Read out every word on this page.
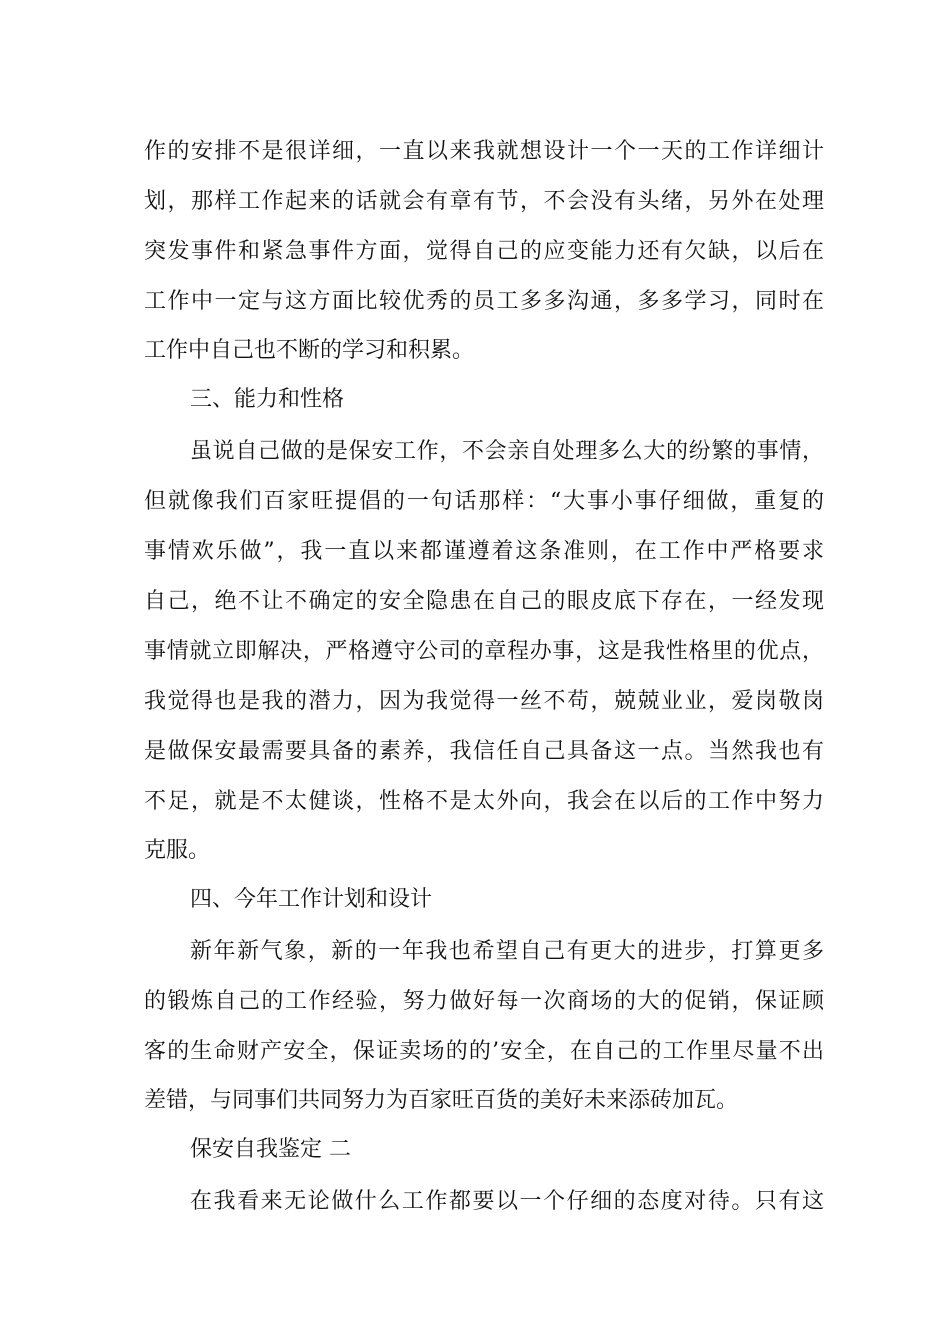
作的安排不是很详细，一直以来我就想设计一个一天的工作详细计
划，那样工作起来的话就会有章有节，不会没有头绪，另外在处理
突发事件和紧急事件方面，觉得自己的应变能力还有欠缺，以后在
工作中一定与这方面比较优秀的员工多多沟通，多多学习，同时在
工作中自己也不断的学习和积累。
三、能力和性格
虽说自己做的是保安工作，不会亲自处理多么大的纷繁的事情，
但就像我们百家旺提倡的一句话那样：“大事小事仔细做，重复的
事情欢乐做”，我一直以来都谨遵着这条准则，在工作中严格要求
自己，绝不让不确定的安全隐患在自己的眼皮底下存在，一经发现
事情就立即解决，严格遵守公司的章程办事，这是我性格里的优点，
我觉得也是我的潜力，因为我觉得一丝不苟，兢兢业业，爱岗敬岗
是做保安最需要具备的素养，我信任自己具备这一点。当然我也有
不足，就是不太健谈，性格不是太外向，我会在以后的工作中努力
克服。
四、今年工作计划和设计
新年新气象，新的一年我也希望自己有更大的进步，打算更多
的锻炼自己的工作经验，努力做好每一次商场的大的促销，保证顾
客的生命财产安全，保证卖场的的’安全，在自己的工作里尽量不出
差错，与同事们共同努力为百家旺百货的美好未来添砖加瓦。
保安自我鉴定 二
在我看来无论做什么工作都要以一个仔细的态度对待。只有这
